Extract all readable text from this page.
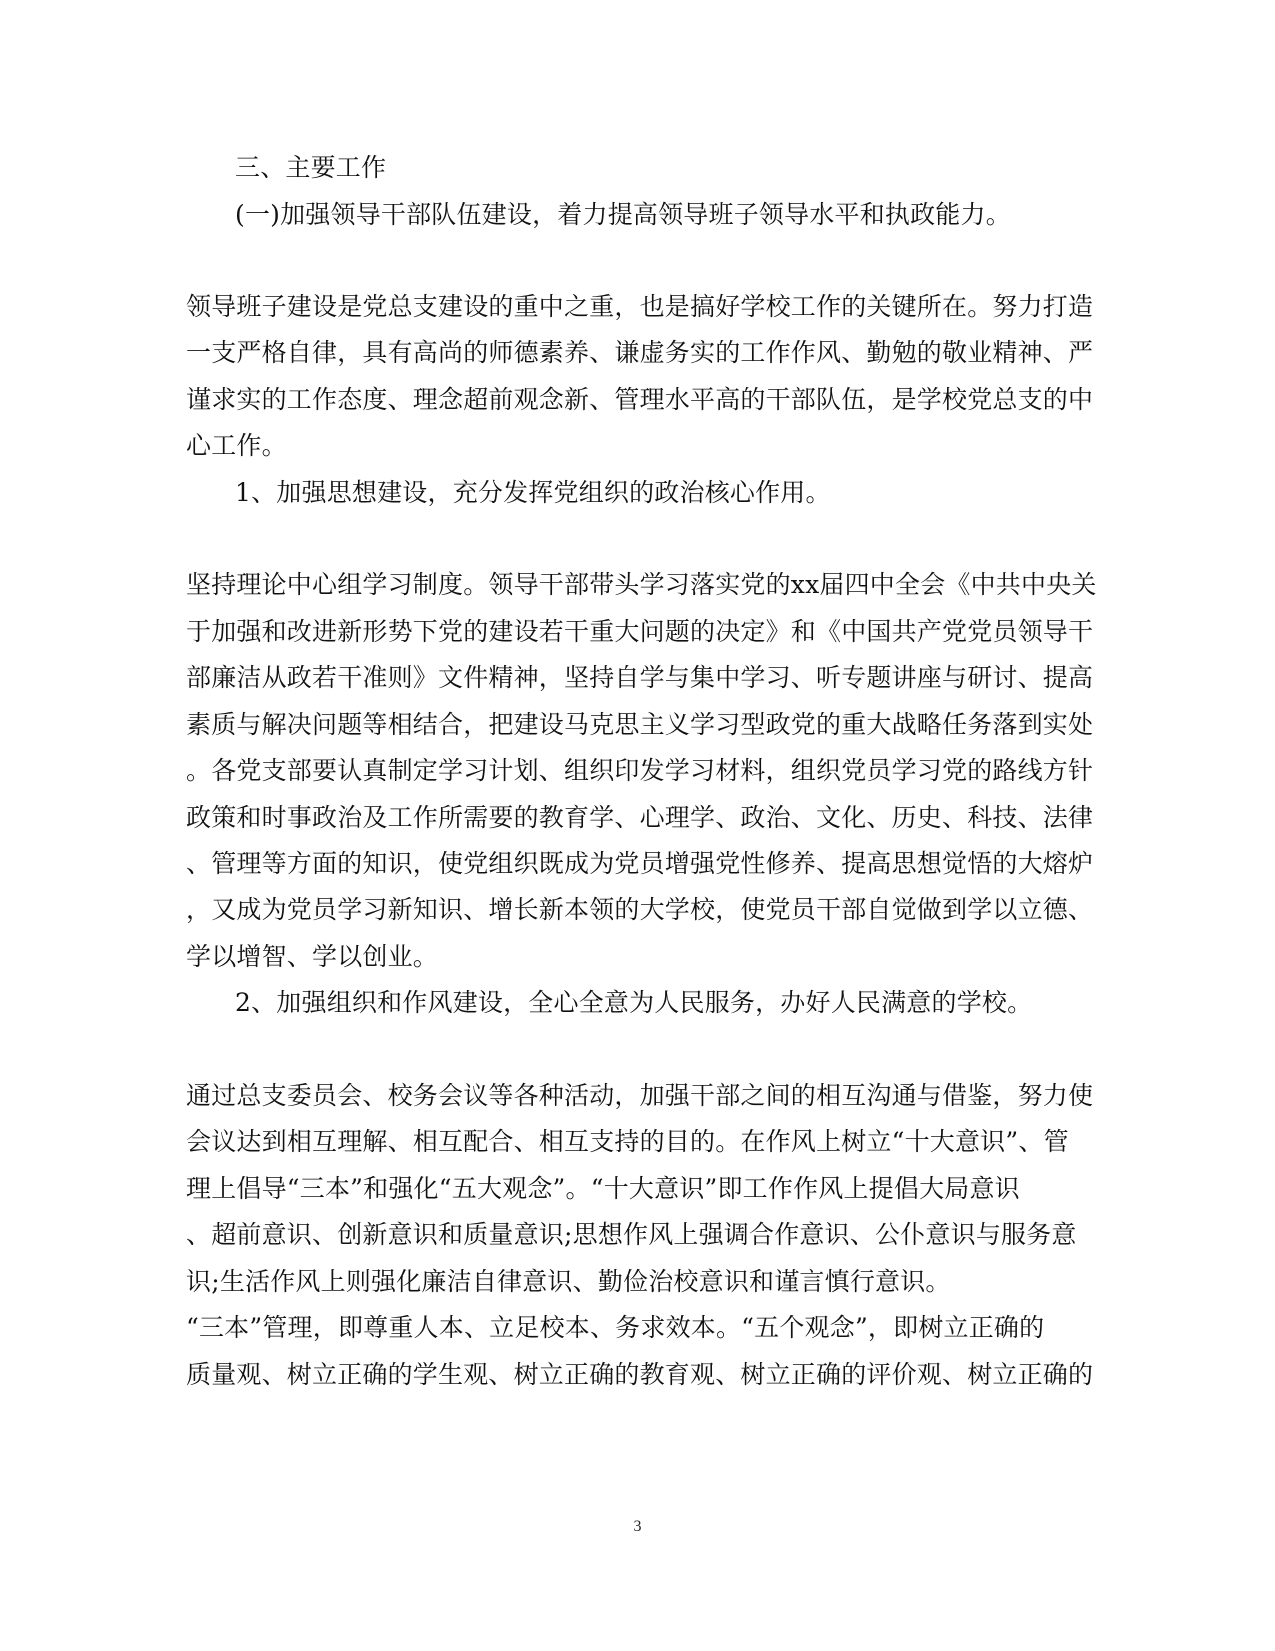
三、主要工作
(一)加强领导干部队伍建设，着力提高领导班子领导水平和执政能力。
领导班子建设是党总支建设的重中之重，也是搞好学校工作的关键所在。努力打造
一支严格自律，具有高尚的师德素养、谦虚务实的工作作风、勤勉的敬业精神、严
谨求实的工作态度、理念超前观念新、管理水平高的干部队伍，是学校党总支的中
心工作。
1、加强思想建设，充分发挥党组织的政治核心作用。
坚持理论中心组学习制度。领导干部带头学习落实党的xx届四中全会《中共中央关
于加强和改进新形势下党的建设若干重大问题的决定》和《中国共产党党员领导干
部廉洁从政若干准则》文件精神，坚持自学与集中学习、听专题讲座与研讨、提高
素质与解决问题等相结合，把建设马克思主义学习型政党的重大战略任务落到实处
。各党支部要认真制定学习计划、组织印发学习材料，组织党员学习党的路线方针
政策和时事政治及工作所需要的教育学、心理学、政治、文化、历史、科技、法律
、管理等方面的知识，使党组织既成为党员增强党性修养、提高思想觉悟的大熔炉
，又成为党员学习新知识、增长新本领的大学校，使党员干部自觉做到学以立德、
学以增智、学以创业。
2、加强组织和作风建设，全心全意为人民服务，办好人民满意的学校。
通过总支委员会、校务会议等各种活动，加强干部之间的相互沟通与借鉴，努力使
会议达到相互理解、相互配合、相互支持的目的。在作风上树立“十大意识”、管
理上倡导“三本”和强化“五大观念”。“十大意识”即工作作风上提倡大局意识
、超前意识、创新意识和质量意识;思想作风上强调合作意识、公仆意识与服务意
识;生活作风上则强化廉洁自律意识、勤俭治校意识和谨言慎行意识。
“三本”管理，即尊重人本、立足校本、务求效本。“五个观念”，即树立正确的
质量观、树立正确的学生观、树立正确的教育观、树立正确的评价观、树立正确的
3
